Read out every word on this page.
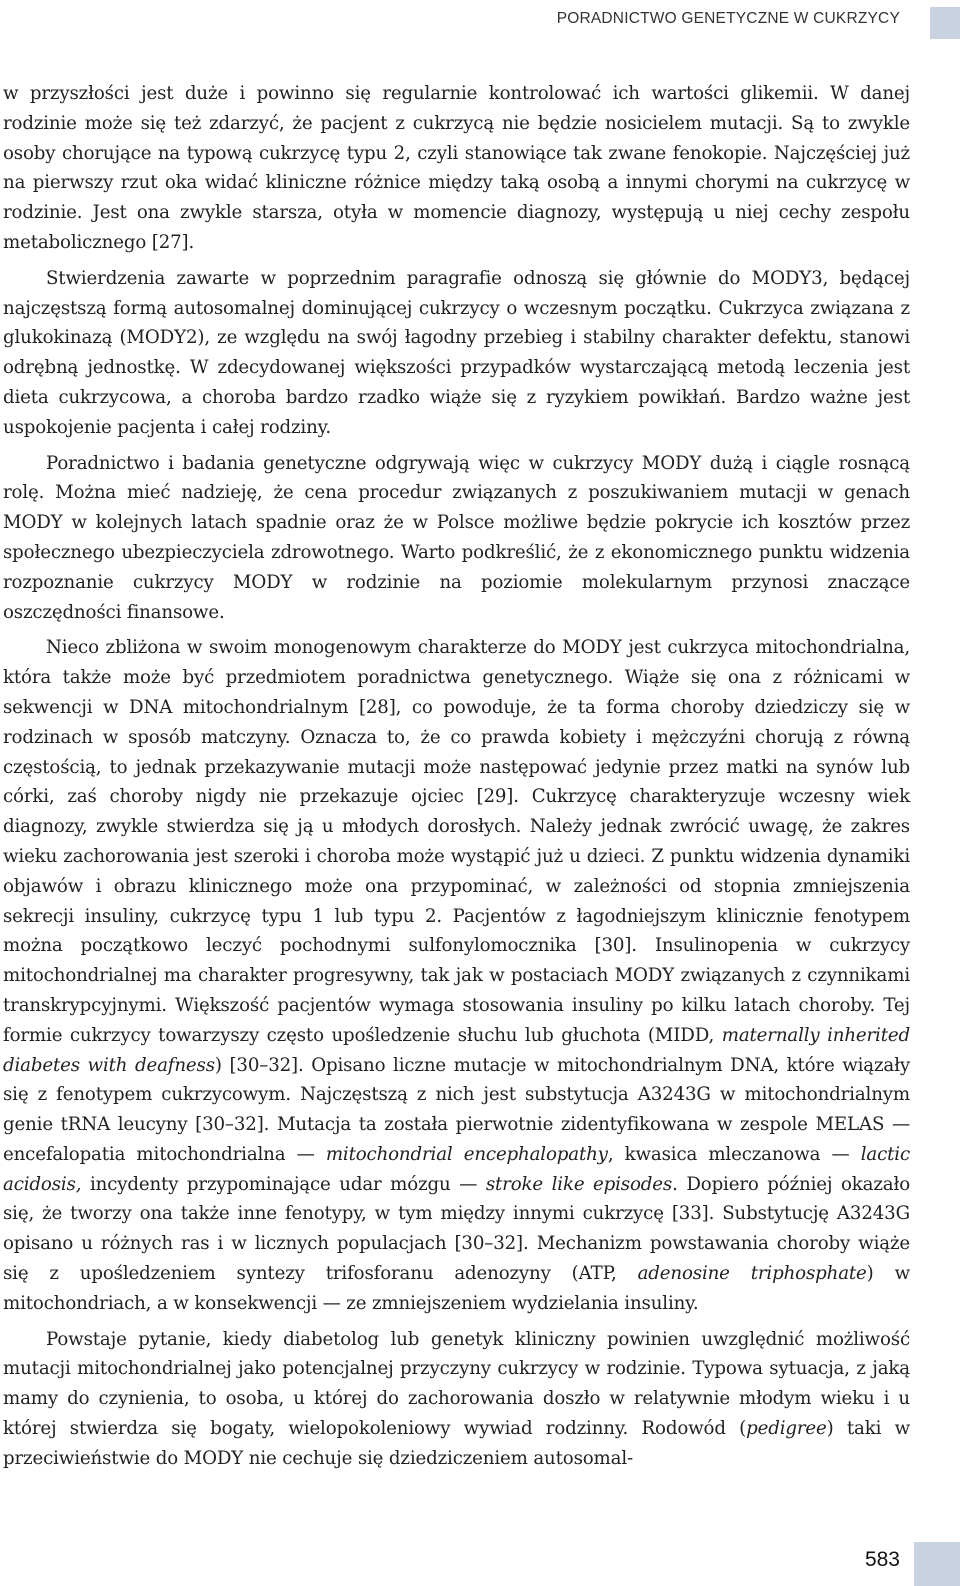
PORADNICTWO GENETYCZNE W CUKRZYCY

w przyszłości jest duże i powinno się regularnie kontrolować ich wartości glikemii. W danej rodzinie może się też zdarzyć, że pacjent z cukrzycą nie będzie nosicielem mutacji. Są to zwykle osoby chorujące na typową cukrzycę typu 2, czyli stanowiące tak zwane fenokopie. Najczęściej już na pierwszy rzut oka widać kliniczne różnice między taką osobą a innymi chorymi na cukrzycę w rodzinie. Jest ona zwykle starsza, otyła w momencie diagnozy, występują u niej cechy zespołu metabolicznego [27].

Stwierdzenia zawarte w poprzednim paragrafie odnoszą się głównie do MODY3, będącej najczęstszą formą autosomalnej dominującej cukrzycy o wczesnym początku. Cukrzyca związana z glukokinazą (MODY2), ze względu na swój łagodny przebieg i stabilny charakter defektu, stanowi odrębną jednostkę. W zdecydowanej większości przypadków wystarczającą metodą leczenia jest dieta cukrzycowa, a choroba bardzo rzadko wiąże się z ryzykiem powikłań. Bardzo ważne jest uspokojenie pacjenta i całej rodziny.

Poradnictwo i badania genetyczne odgrywają więc w cukrzycy MODY dużą i ciągle rosnącą rolę. Można mieć nadzieję, że cena procedur związanych z poszukiwaniem mutacji w genach MODY w kolejnych latach spadnie oraz że w Polsce możliwe będzie pokrycie ich kosztów przez społecznego ubezpieczyciela zdrowotnego. Warto podkreślić, że z ekonomicznego punktu widzenia rozpoznanie cukrzycy MODY w rodzinie na poziomie molekularnym przynosi znaczące oszczędności finansowe.

Nieco zbliżona w swoim monogenowym charakterze do MODY jest cukrzyca mitochondrialna, która także może być przedmiotem poradnictwa genetycznego. Wiąże się ona z różnicami w sekwencji w DNA mitochondrialnym [28], co powoduje, że ta forma choroby dziedziczy się w rodzinach w sposób matczyny. Oznacza to, że co prawda kobiety i mężczyźni chorują z równą częstością, to jednak przekazywanie mutacji może następować jedynie przez matki na synów lub córki, zaś choroby nigdy nie przekazuje ojciec [29]. Cukrzycę charakteryzuje wczesny wiek diagnozy, zwykle stwierdza się ją u młodych dorosłych. Należy jednak zwrócić uwagę, że zakres wieku zachorowania jest szeroki i choroba może wystąpić już u dzieci. Z punktu widzenia dynamiki objawów i obrazu klinicznego może ona przypominać, w zależności od stopnia zmniejszenia sekrecji insuliny, cukrzycę typu 1 lub typu 2. Pacjentów z łagodniejszym klinicznie fenotypem można początkowo leczyć pochodnymi sulfonylomocznika [30]. Insulinopenia w cukrzycy mitochondrialnej ma charakter progresywny, tak jak w postaciach MODY związanych z czynnikami transkrypcyjnymi. Większość pacjentów wymaga stosowania insuliny po kilku latach choroby. Tej formie cukrzycy towarzyszy często upośledzenie słuchu lub głuchota (MIDD, maternally inherited diabetes with deafness) [30–32]. Opisano liczne mutacje w mitochondrialnym DNA, które wiązały się z fenotypem cukrzycowym. Najczęstszą z nich jest substytucja A3243G w mitochondrialnym genie tRNA leucyny [30–32]. Mutacja ta została pierwotnie zidentyfikowana w zespole MELAS — encefalopatia mitochondrialna — mitochondrial encephalopathy, kwasica mleczanowa — lactic acidosis, incydenty przypominające udar mózgu — stroke like episodes. Dopiero później okazało się, że tworzy ona także inne fenotypy, w tym między innymi cukrzycę [33]. Substytucję A3243G opisano u różnych ras i w licznych populacjach [30–32]. Mechanizm powstawania choroby wiąże się z upośledzeniem syntezy trifosforanu adenozyny (ATP, adenosine triphosphate) w mitochondriach, a w konsekwencji — ze zmniejszeniem wydzielania insuliny.

Powstaje pytanie, kiedy diabetolog lub genetyk kliniczny powinien uwzględnić możliwość mutacji mitochondrialnej jako potencjalnej przyczyny cukrzycy w rodzinie. Typowa sytuacja, z jaką mamy do czynienia, to osoba, u której do zachorowania doszło w relatywnie młodym wieku i u której stwierdza się bogaty, wielopokoleniowy wywiad rodzinny. Rodowód (pedigree) taki w przeciwieństwie do MODY nie cechuje się dziedziczeniem autosomal-

583
